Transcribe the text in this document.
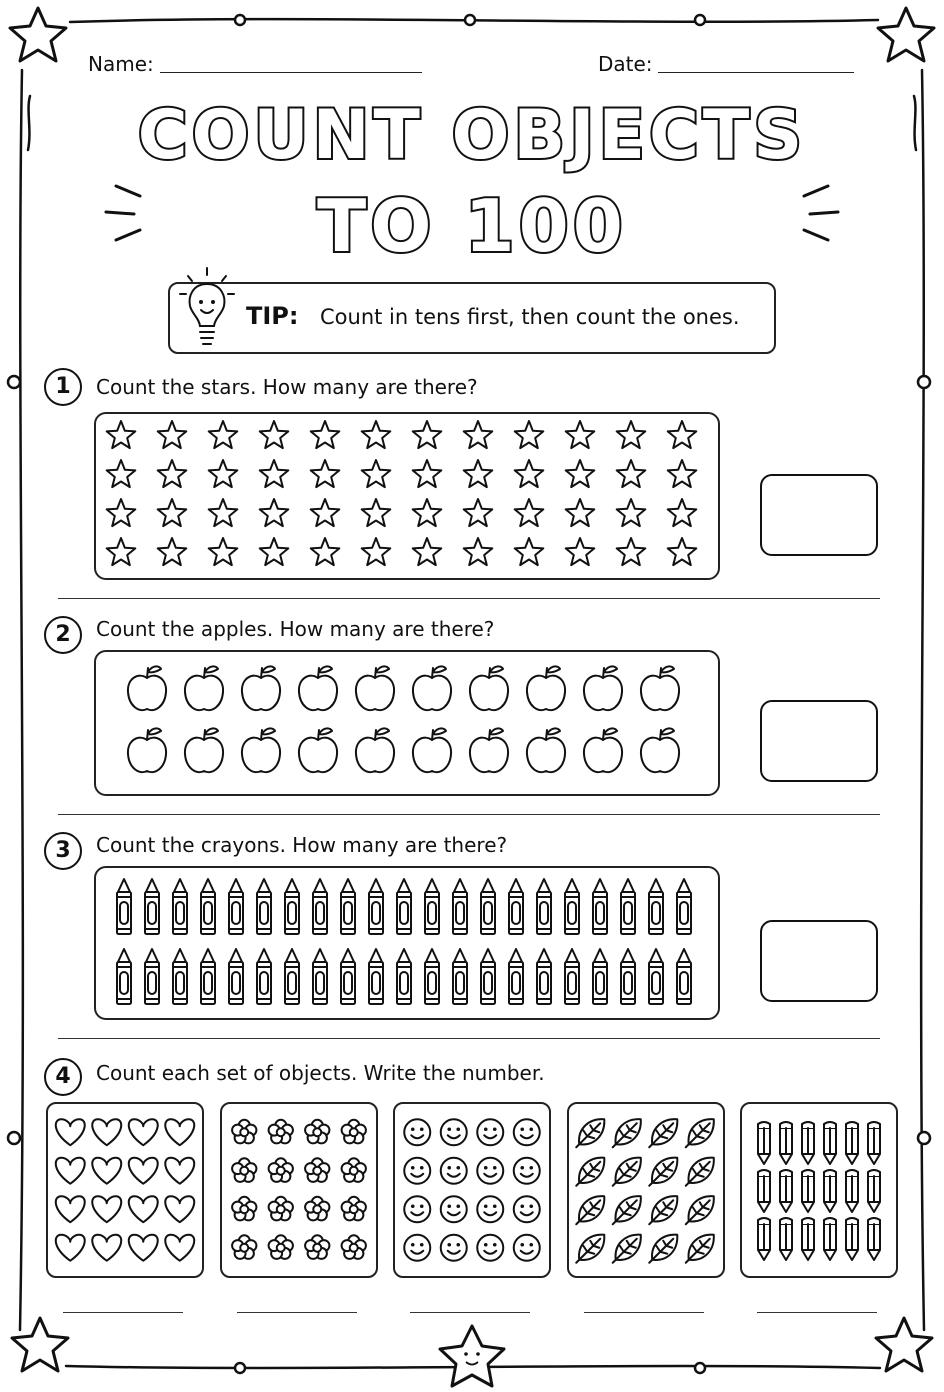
Name:	Date:
COUNT OBJECTS
TO 100
TIP: Count in tens first, then count the ones.
1	Count the stars. How many are there?
2	Count the apples. How many are there?
3	Count the crayons. How many are there?
4	Count each set of objects. Write the number.
